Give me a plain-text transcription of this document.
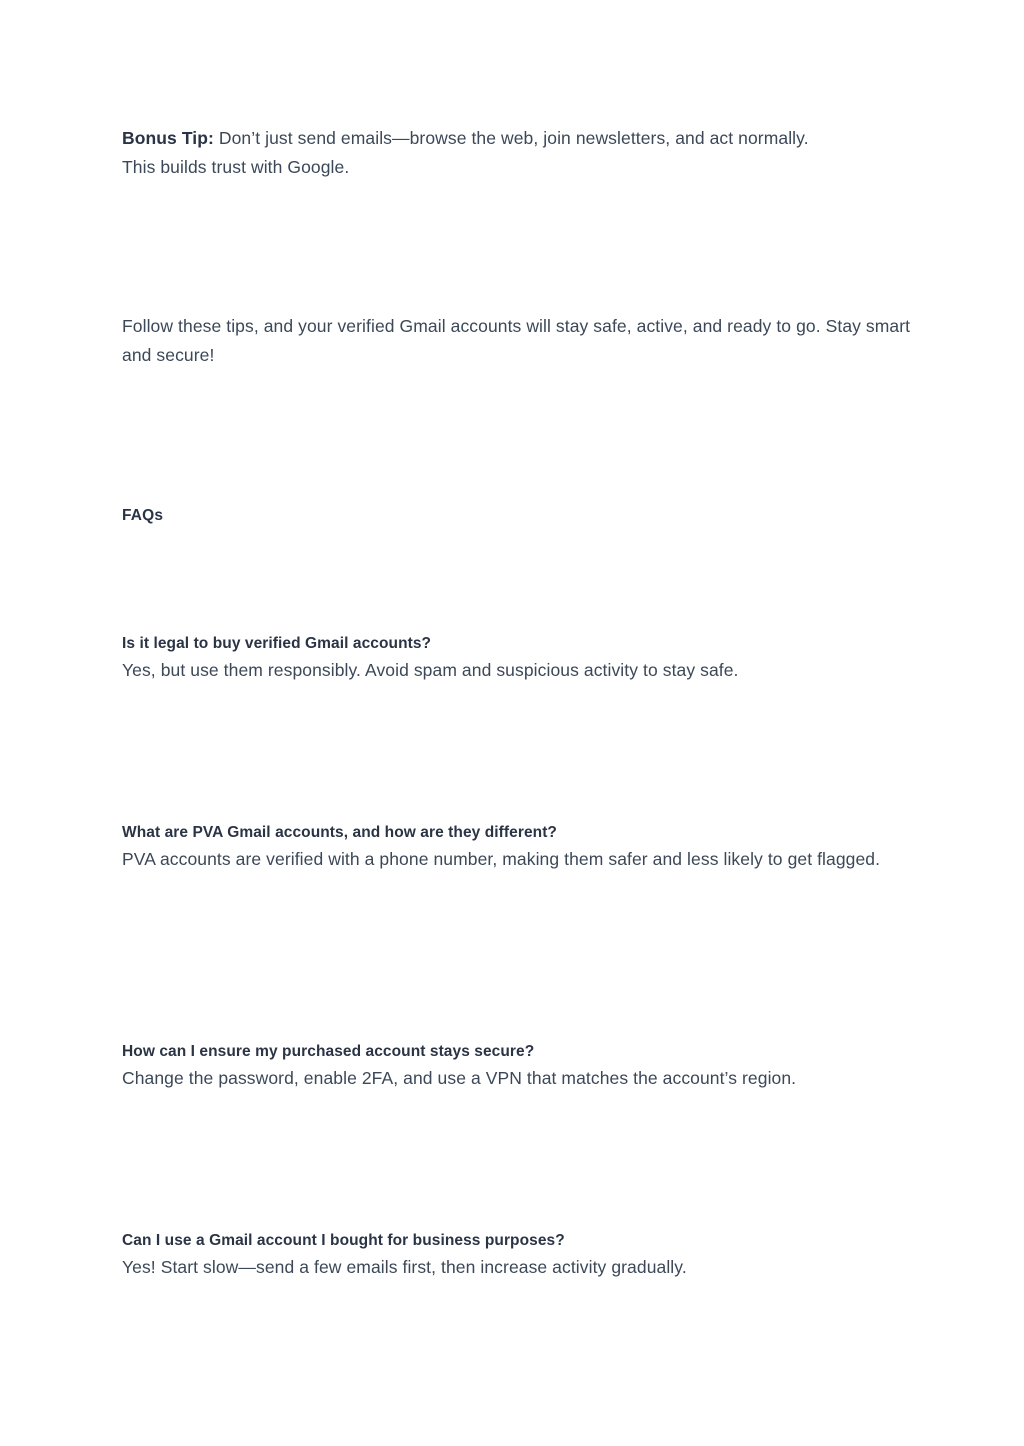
Bonus Tip: Don’t just send emails—browse the web, join newsletters, and act normally. This builds trust with Google.

Follow these tips, and your verified Gmail accounts will stay safe, active, and ready to go. Stay smart and secure!

FAQs

Is it legal to buy verified Gmail accounts?

Yes, but use them responsibly. Avoid spam and suspicious activity to stay safe.

What are PVA Gmail accounts, and how are they different?

PVA accounts are verified with a phone number, making them safer and less likely to get flagged.

How can I ensure my purchased account stays secure?

Change the password, enable 2FA, and use a VPN that matches the account’s region.

Can I use a Gmail account I bought for business purposes?

Yes! Start slow—send a few emails first, then increase activity gradually.
